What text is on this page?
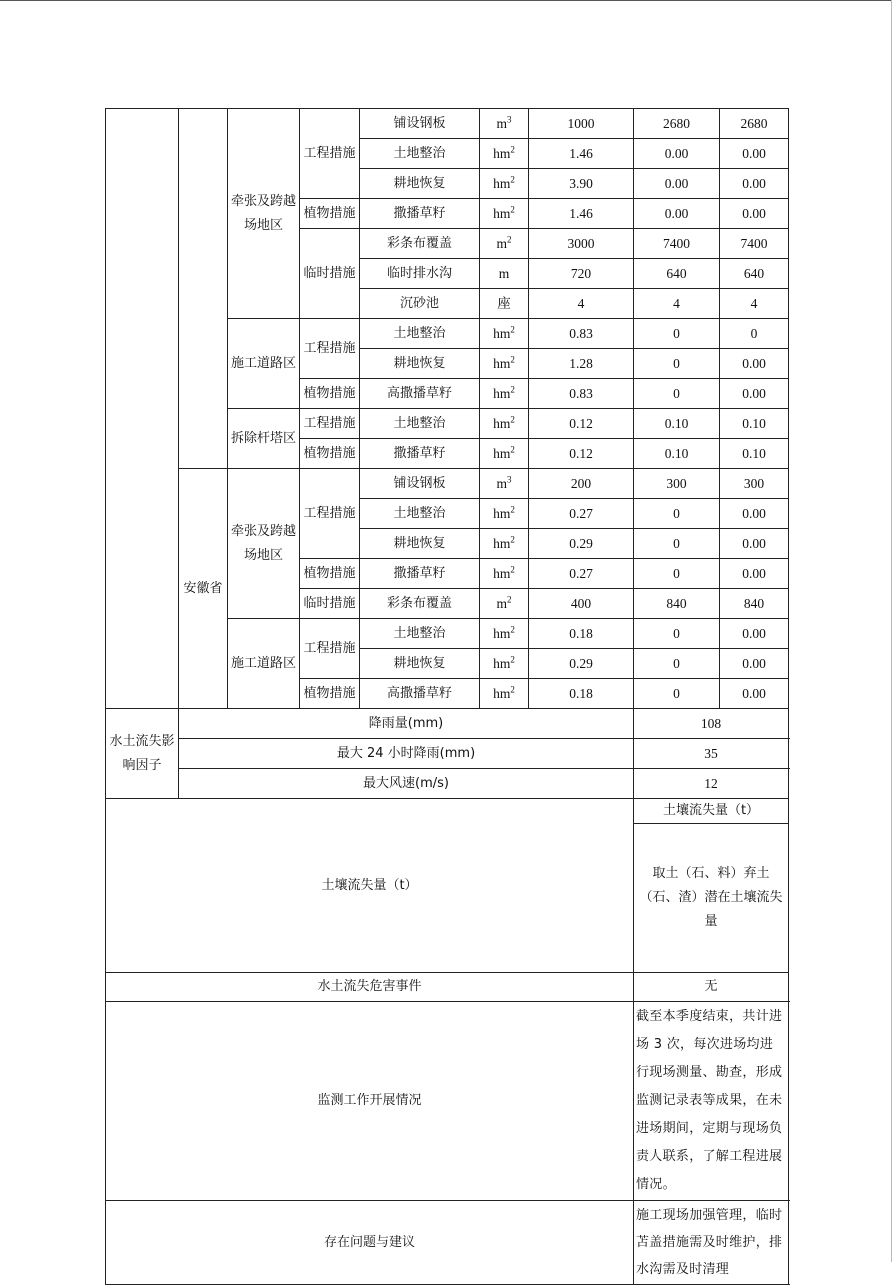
		牵张及跨越场地区	工程措施	铺设钢板	$m^3$	1000	2680	2680	
				土地整治	$hm^2$	1.46	0.00	0.00	
				耕地恢复	$hm^2$	3.90	0.00	0.00	
			植物措施	撒播草籽	$hm^2$	1.46	0.00	0.00	
			临时措施	彩条布覆盖	$m^2$	3000	7400	7400	
				临时排水沟	m	720	640	640	
				沉砂池	座	4	4	4	
		施工道路区	工程措施	土地整治	$hm^2$	0.83	0	0	
				耕地恢复	$hm^2$	1.28	0	0.00	
			植物措施	高撒播草籽	$hm^2$	0.83	0	0.00	
		拆除杆塔区	工程措施	土地整治	$hm^2$	0.12	0.10	0.10	
			植物措施	撒播草籽	$hm^2$	0.12	0.10	0.10	
	安徽省	牵张及跨越场地区	工程措施	铺设钢板	$m^3$	200	300	300	
				土地整治	$hm^2$	0.27	0	0.00	
				耕地恢复	$hm^2$	0.29	0	0.00	
			植物措施	撒播草籽	$hm^2$	0.27	0	0.00	
			临时措施	彩条布覆盖	$m^2$	400	840	840	
		施工道路区	工程措施	土地整治	$hm^2$	0.18	0	0.00	
				耕地恢复	$hm^2$	0.29	0	0.00	
			植物措施	高撒播草籽	$hm^2$	0.18	0	0.00	
水土流失影响因子	降雨量(mm)						108		
	最大 24 小时降雨(mm)						35		
	最大风速(m/s)						12		
土壤流失量（t）							土壤流失量（t）	
							取土（石、料）弃土（石、渣）潜在土壤流失量	
水土流失危害事件							无		
监测工作开展情况							截至本季度结束，共计进场 3 次，每次进场均进行现场测量、勘查，形成监测记录表等成果，在未进场期间，定期与现场负责人联系，了解工程进展情况。		
存在问题与建议							施工现场加强管理，临时苫盖措施需及时维护，排水沟需及时清理		
